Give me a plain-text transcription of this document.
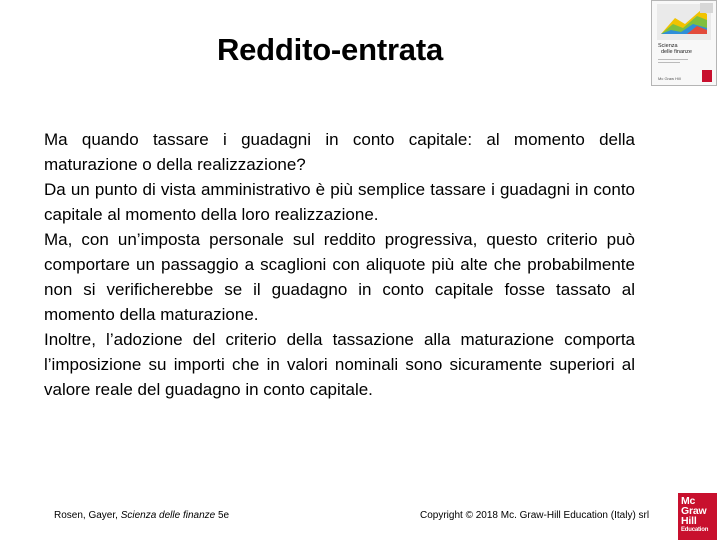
Reddito-entrata	Scienza
delle finanze
Mc Graw Hill

Ma quando tassare i guadagni in conto capitale: al momento della maturazione o della realizzazione?

Da un punto di vista amministrativo è più semplice tassare i guadagni in conto capitale al momento della loro realizzazione.

Ma, con un’imposta personale sul reddito progressiva, questo criterio può comportare un passaggio a scaglioni con aliquote più alte che probabilmente non si verificherebbe se il guadagno in conto capitale fosse tassato al momento della maturazione.

Inoltre, l’adozione del criterio della tassazione alla maturazione comporta l’imposizione su importi che in valori nominali sono sicuramente superiori al valore reale del guadagno in conto capitale.

Rosen, Gayer, Scienza delle finanze 5e	Copyright © 2018 Mc. Graw-Hill Education (Italy) srl
Mc
Graw
Hill
Education
